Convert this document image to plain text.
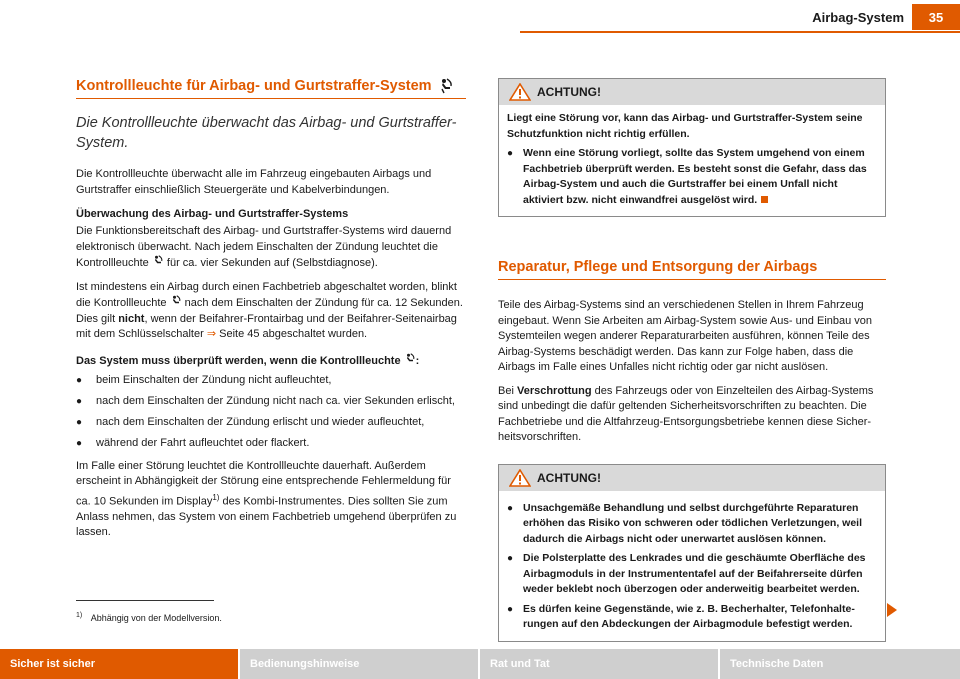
Airbag-System	35
Kontrollleuchte für Airbag- und Gurtstraffer-System
Die Kontrollleuchte überwacht das Airbag- und Gurtstraffer-System.

Die Kontrollleuchte überwacht alle im Fahrzeug eingebauten Airbags und Gurtstraffer einschließlich Steuergeräte und Kabelverbindungen.

Überwachung des Airbag- und Gurtstraffer-Systems

Die Funktionsbereitschaft des Airbag- und Gurtstraffer-Systems wird dauernd elektronisch überwacht. Nach jedem Einschalten der Zündung leuchtet die Kontrollleuchte für ca. vier Sekunden auf (Selbstdiagnose).

Ist mindestens ein Airbag durch einen Fachbetrieb abgeschaltet worden, blinkt die Kontrollleuchte nach dem Einschalten der Zündung für ca. 12 Sekunden. Dies gilt nicht, wenn der Beifahrer-Frontairbag und der Beifahrer-Seitenairbag mit dem Schlüsselschalter ⇒ Seite 45 abgeschaltet wurden.

Das System muss überprüft werden, wenn die Kontrollleuchte :
●	beim Einschalten der Zündung nicht aufleuchtet,
●	nach dem Einschalten der Zündung nicht nach ca. vier Sekunden erlischt,
●	nach dem Einschalten der Zündung erlischt und wieder aufleuchtet,
●	während der Fahrt aufleuchtet oder flackert.

Im Falle einer Störung leuchtet die Kontrollleuchte dauerhaft. Außerdem erscheint in Abhängigkeit der Störung eine entsprechende Fehlermeldung für ca. 10 Sekunden im Display$^{1)}$ des Kombi-Instrumentes. Dies sollten Sie zum Anlass nehmen, das System von einem Fachbetrieb umgehend überprüfen zu lassen.

$^{1)}$ Abhängig von der Modellversion.
ACHTUNG!
Liegt eine Störung vor, kann das Airbag- und Gurtstraffer-System seine Schutzfunktion nicht richtig erfüllen.
● Wenn eine Störung vorliegt, sollte das System umgehend von einem Fachbetrieb überprüft werden. Es besteht sonst die Gefahr, dass das Airbag-System und auch die Gurtstraffer bei einem Unfall nicht aktiviert bzw. nicht einwandfrei ausgelöst wird.
Reparatur, Pflege und Entsorgung der Airbags

Teile des Airbag-Systems sind an verschiedenen Stellen in Ihrem Fahrzeug eingebaut. Wenn Sie Arbeiten am Airbag-System sowie Aus- und Einbau von Systemteilen wegen anderer Reparaturarbeiten ausführen, können Teile des Airbag-Systems beschädigt werden. Das kann zur Folge haben, dass die Airbags im Falle eines Unfalles nicht richtig oder gar nicht auslösen.

Bei Verschrottung des Fahrzeugs oder von Einzelteilen des Airbag-Systems sind unbedingt die dafür geltenden Sicherheitsvorschriften zu beachten. Die Fachbetriebe und die Altfahrzeug-Entsorgungsbetriebe kennen diese Sicher-heitsvorschriften.

ACHTUNG!
● Unsachgemäße Behandlung und selbst durchgeführte Reparaturen erhöhen das Risiko von schweren oder tödlichen Verletzungen, weil dadurch die Airbags nicht oder unerwartet auslösen können.
● Die Polsterplatte des Lenkrades und die geschäumte Oberfläche des Airbagmoduls in der Instrumententafel auf der Beifahrerseite dürfen weder beklebt noch überzogen oder anderweitig bearbeitet werden.
● Es dürfen keine Gegenstände, wie z. B. Becherhalter, Telefonhalte-rungen auf den Abdeckungen der Airbagmodule befestigt werden.
Sicher ist sicher	Bedienungshinweise	Rat und Tat	Technische Daten
